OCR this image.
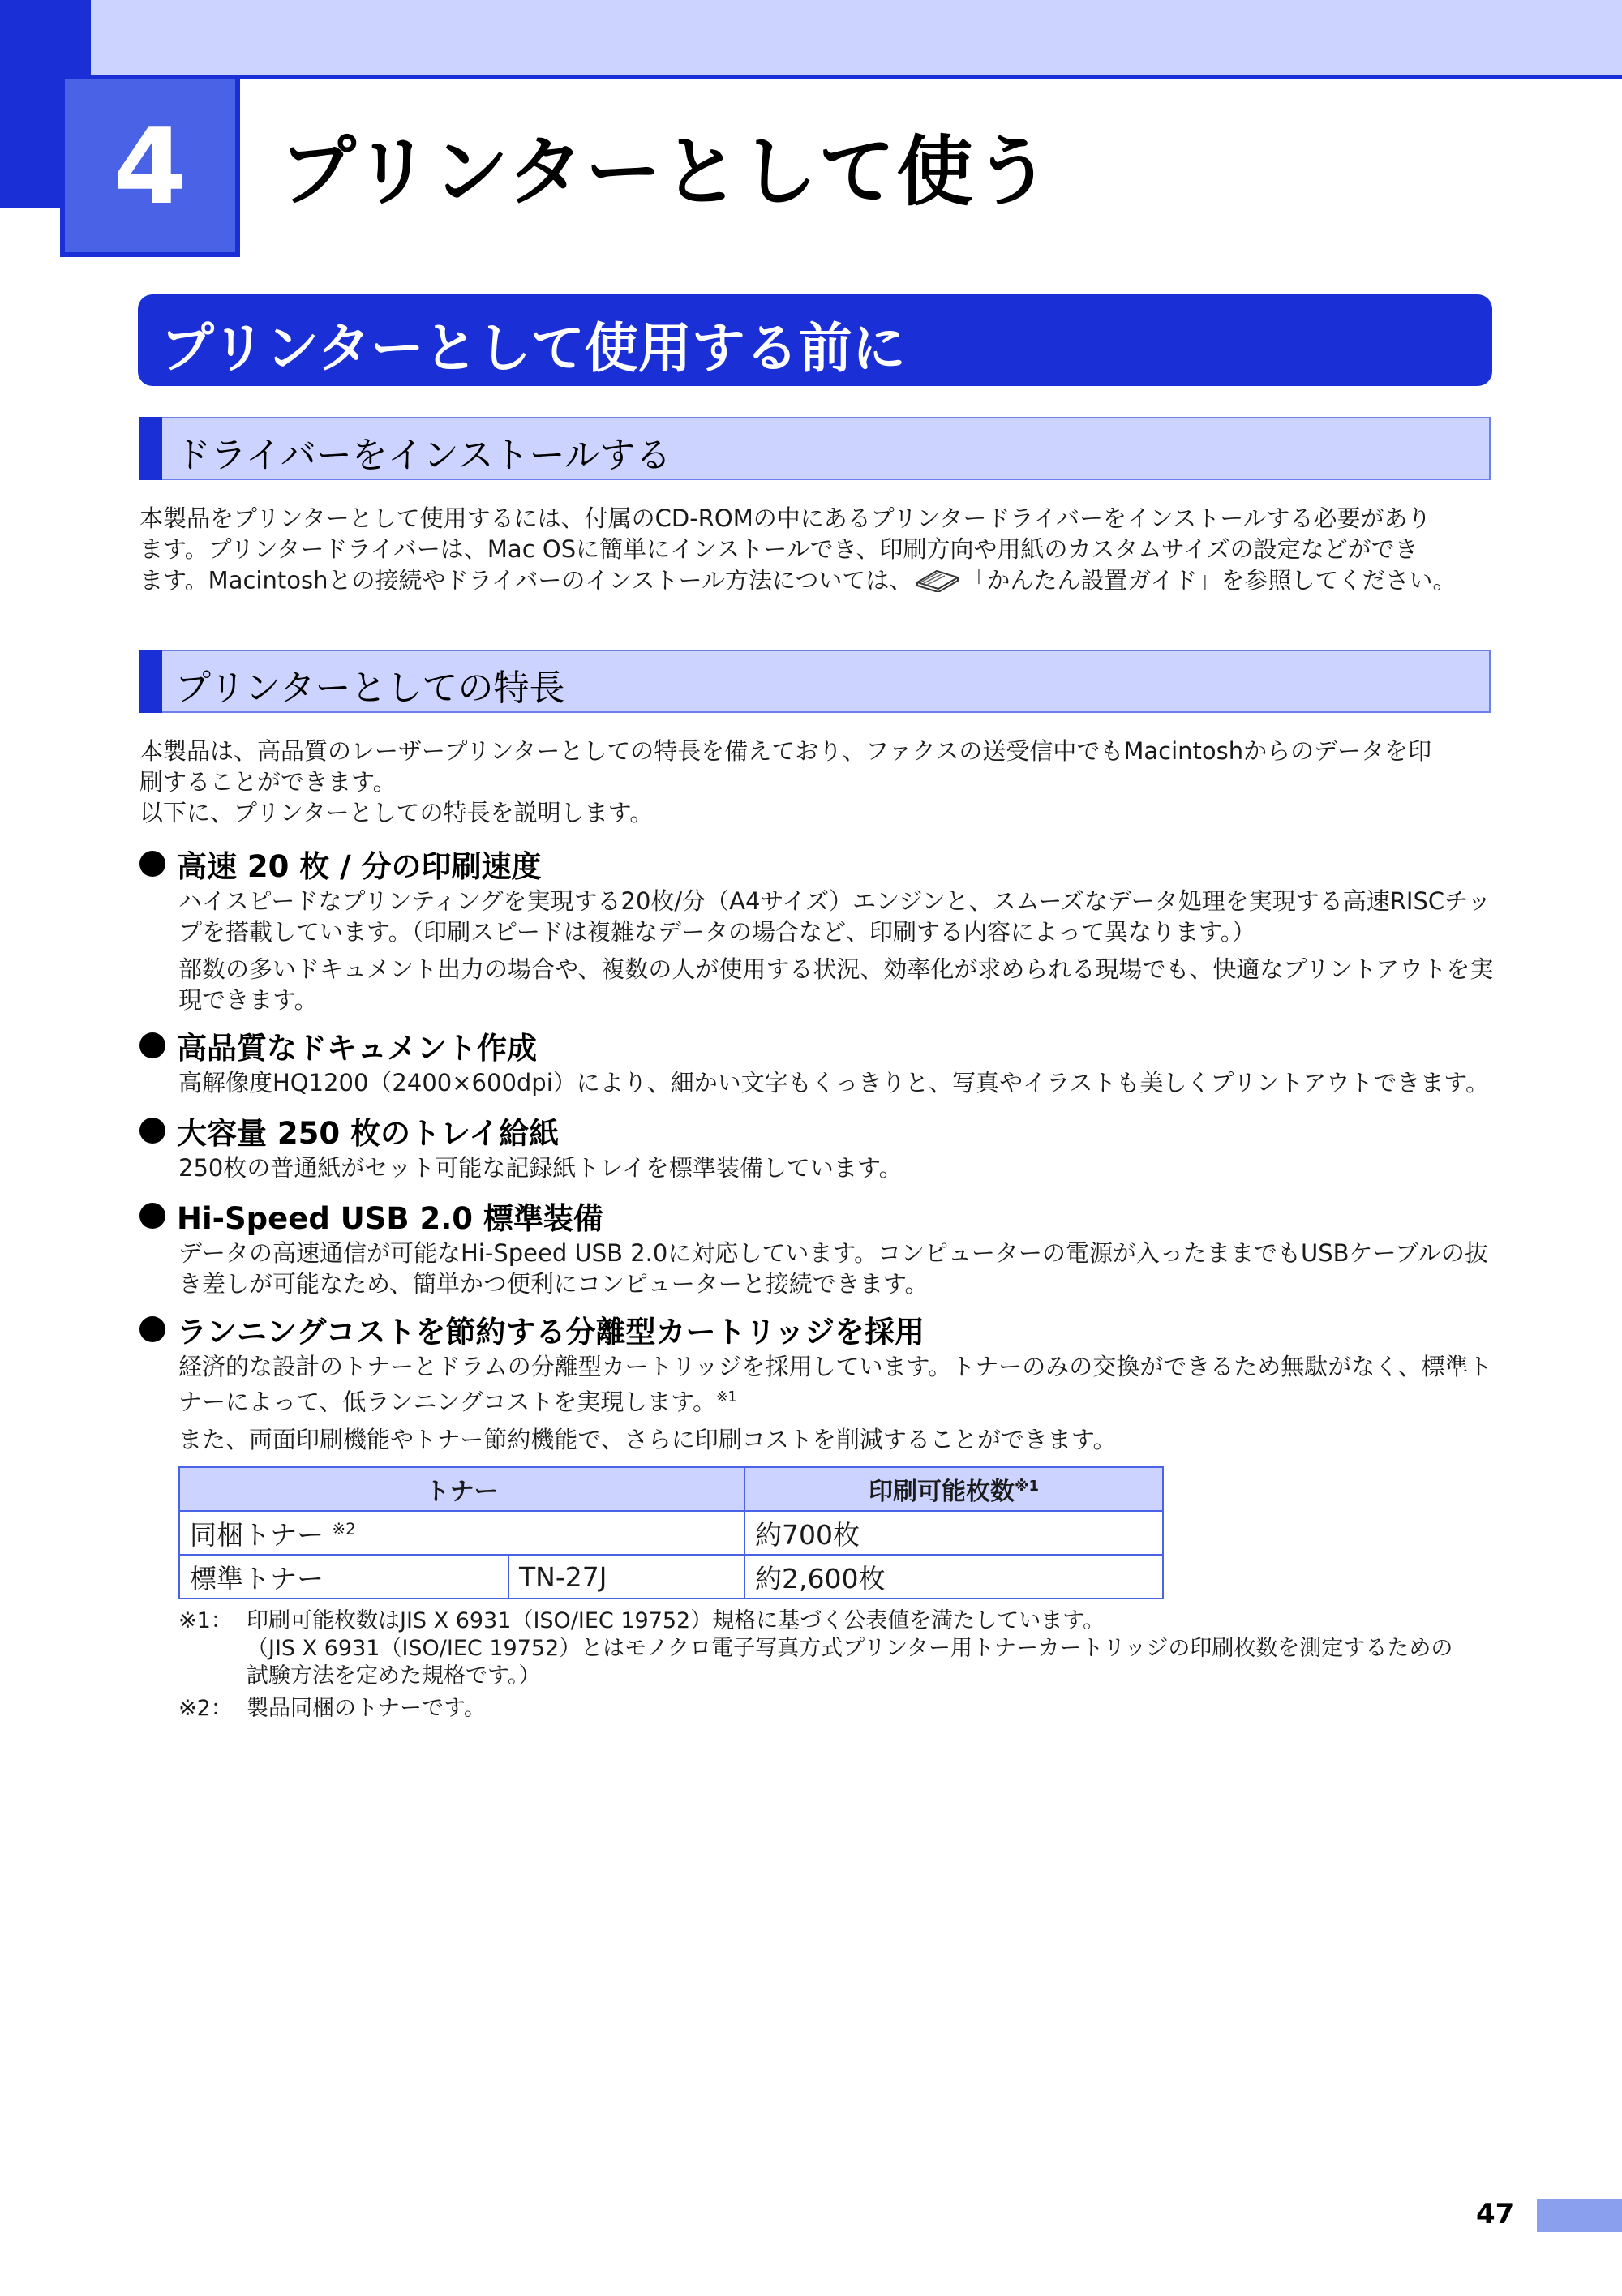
4	プリンターとして使う
プリンターとして使用する前に
ドライバーをインストールする

本製品をプリンターとして使用するには、付属のCD-ROMの中にあるプリンタードライバーをインストールする必要があり

ます。プリンタードライバーは、Mac OSに簡単にインストールでき、印刷方向や用紙のカスタムサイズの設定などができ

ます。Macintoshとの接続やドライバーのインストール方法については、 「かんたん設置ガイド」を参照してください。

プリンターとしての特長

本製品は、高品質のレーザープリンターとしての特長を備えており、ファクスの送受信中でもMacintoshからのデータを印

刷することができます。

以下に、プリンターとしての特長を説明します。

高速 20 枚 / 分の印刷速度

ハイスピードなプリンティングを実現する20枚/分（A4サイズ）エンジンと、スムーズなデータ処理を実現する高速RISCチップを搭載しています。（印刷スピードは複雑なデータの場合など、印刷する内容によって異なります。）

部数の多いドキュメント出力の場合や、複数の人が使用する状況、効率化が求められる現場でも、快適なプリントアウトを実現できます。

高品質なドキュメント作成

高解像度HQ1200（2400×600dpi）により、細かい文字もくっきりと、写真やイラストも美しくプリントアウトできます。

大容量 250 枚のトレイ給紙

250枚の普通紙がセット可能な記録紙トレイを標準装備しています。

Hi-Speed USB 2.0 標準装備

データの高速通信が可能なHi-Speed USB 2.0に対応しています。コンピューターの電源が入ったままでもUSBケーブルの抜き差しが可能なため、簡単かつ便利にコンピューターと接続できます。

ランニングコストを節約する分離型カートリッジを採用

経済的な設計のトナーとドラムの分離型カートリッジを採用しています。トナーのみの交換ができるため無駄がなく、標準トナーによって、低ランニングコストを実現します。$^{※1}$

また、両面印刷機能やトナー節約機能で、さらに印刷コストを削減することができます。

トナー		印刷可能枚数$^{※1}$
同梱トナー $^{※2}$		約700枚
標準トナー	TN-27J	約2,600枚
※1： 印刷可能枚数はJIS X 6931（ISO/IEC 19752）規格に基づく公表値を満たしています。
（JIS X 6931（ISO/IEC 19752）とはモノクロ電子写真方式プリンター用トナーカートリッジの印刷枚数を測定するための
試験方法を定めた規格です。）
※2： 製品同梱のトナーです。
47
